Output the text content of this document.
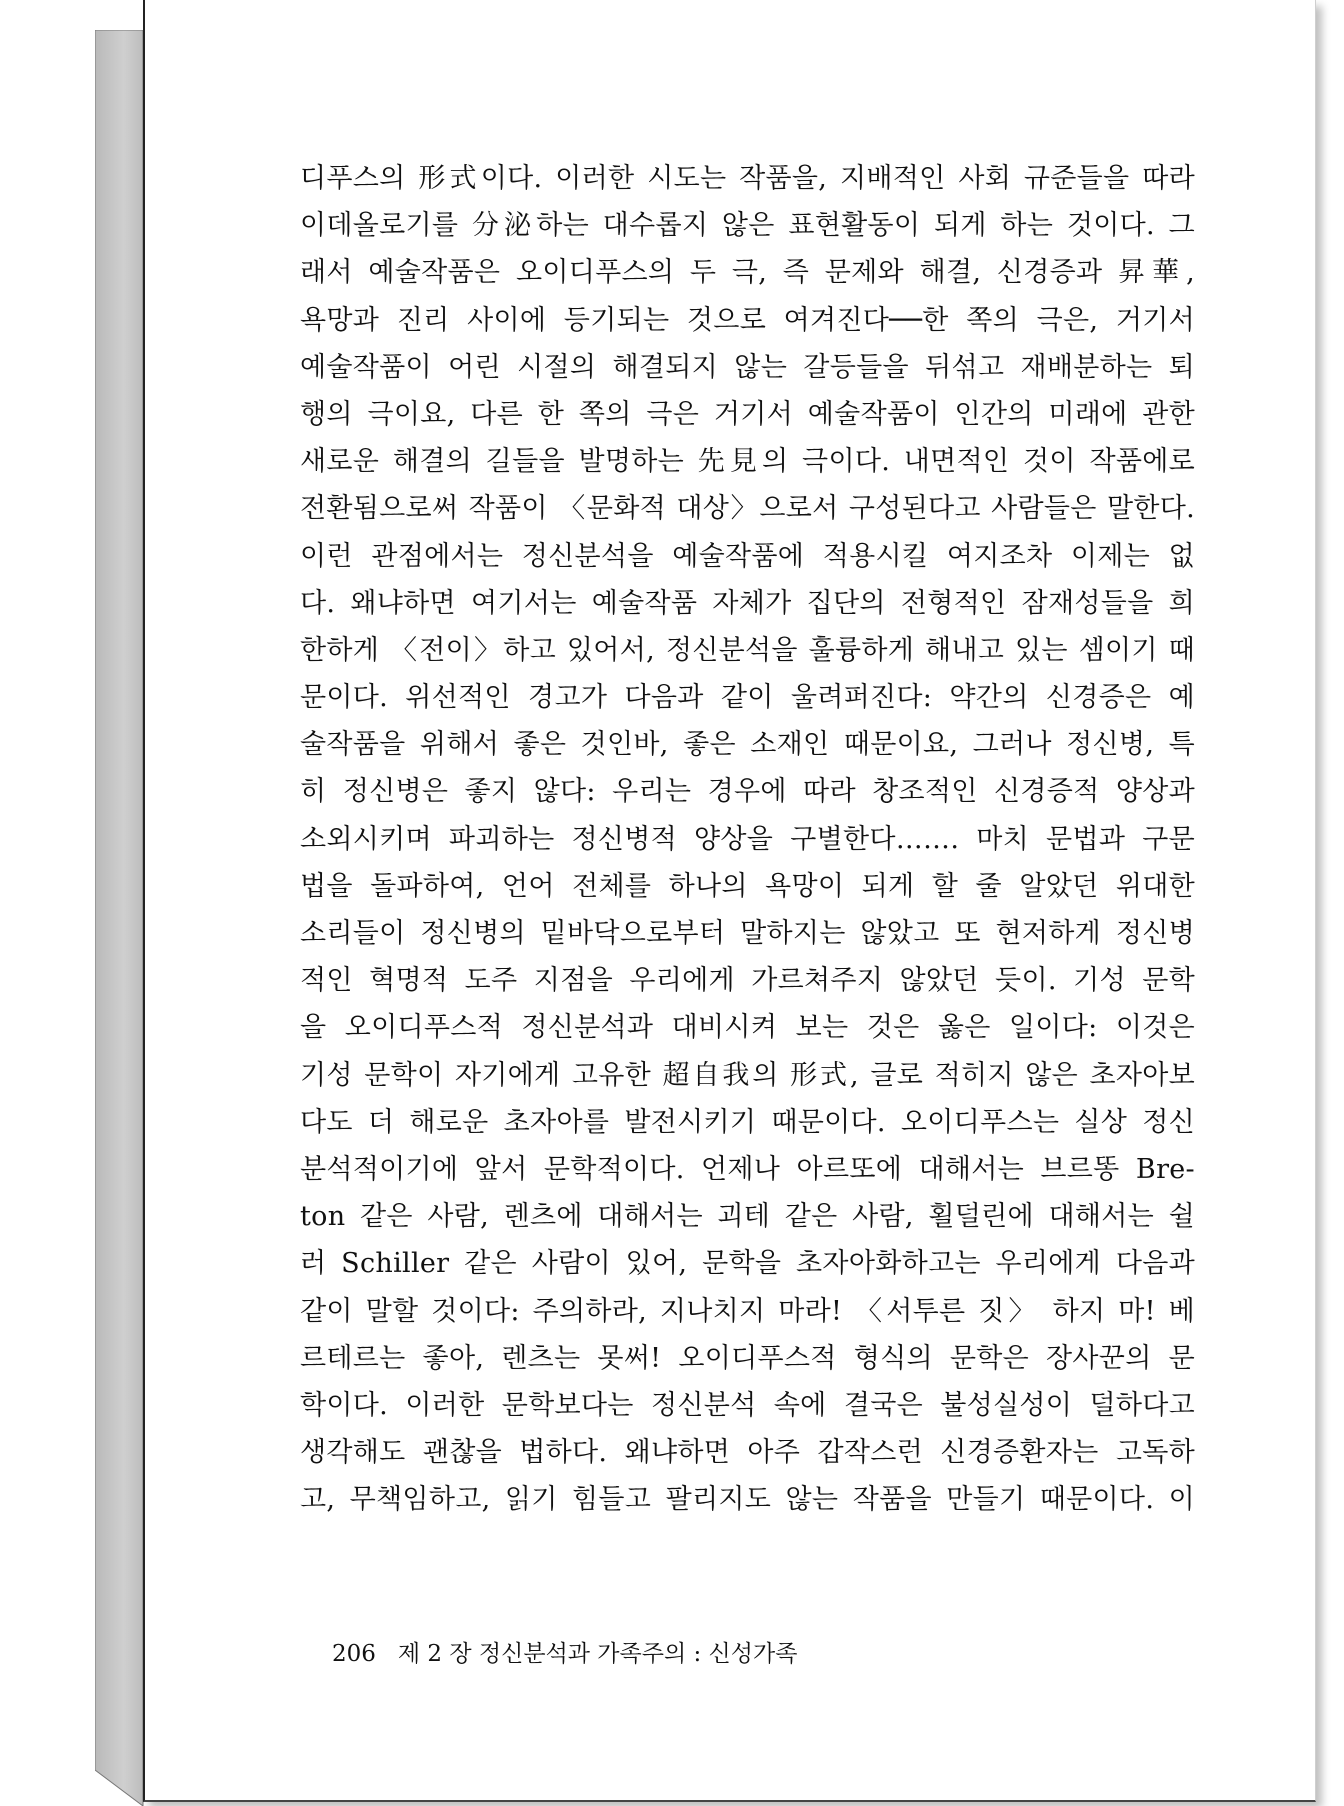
디푸스의 形式이다. 이러한 시도는 작품을, 지배적인 사회 규준들을 따라
이데올로기를 分泌하는 대수롭지 않은 표현활동이 되게 하는 것이다. 그
래서 예술작품은 오이디푸스의 두 극, 즉 문제와 해결, 신경증과 昇華,
욕망과 진리 사이에 등기되는 것으로 여겨진다──한 쪽의 극은, 거기서
예술작품이 어린 시절의 해결되지 않는 갈등들을 뒤섞고 재배분하는 퇴
행의 극이요, 다른 한 쪽의 극은 거기서 예술작품이 인간의 미래에 관한
새로운 해결의 길들을 발명하는 先見의 극이다. 내면적인 것이 작품에로
전환됨으로써 작품이 〈문화적 대상〉으로서 구성된다고 사람들은 말한다.
이런 관점에서는 정신분석을 예술작품에 적용시킬 여지조차 이제는 없
다. 왜냐하면 여기서는 예술작품 자체가 집단의 전형적인 잠재성들을 희
한하게 〈전이〉하고 있어서, 정신분석을 훌륭하게 해내고 있는 셈이기 때
문이다. 위선적인 경고가 다음과 같이 울려퍼진다: 약간의 신경증은 예
술작품을 위해서 좋은 것인바, 좋은 소재인 때문이요, 그러나 정신병, 특
히 정신병은 좋지 않다: 우리는 경우에 따라 창조적인 신경증적 양상과
소외시키며 파괴하는 정신병적 양상을 구별한다……. 마치 문법과 구문
법을 돌파하여, 언어 전체를 하나의 욕망이 되게 할 줄 알았던 위대한
소리들이 정신병의 밑바닥으로부터 말하지는 않았고 또 현저하게 정신병
적인 혁명적 도주 지점을 우리에게 가르쳐주지 않았던 듯이. 기성 문학
을 오이디푸스적 정신분석과 대비시켜 보는 것은 옳은 일이다: 이것은
기성 문학이 자기에게 고유한 超自我의 形式, 글로 적히지 않은 초자아보
다도 더 해로운 초자아를 발전시키기 때문이다. 오이디푸스는 실상 정신
분석적이기에 앞서 문학적이다. 언제나 아르또에 대해서는 브르똥 Bre-
ton 같은 사람, 렌츠에 대해서는 괴테 같은 사람, 횔덜린에 대해서는 쉴
러 Schiller 같은 사람이 있어, 문학을 초자아화하고는 우리에게 다음과
같이 말할 것이다: 주의하라, 지나치지 마라! 〈서투른 짓〉 하지 마! 베
르테르는 좋아, 렌츠는 못써! 오이디푸스적 형식의 문학은 장사꾼의 문
학이다. 이러한 문학보다는 정신분석 속에 결국은 불성실성이 덜하다고
생각해도 괜찮을 법하다. 왜냐하면 아주 갑작스런 신경증환자는 고독하
고, 무책임하고, 읽기 힘들고 팔리지도 않는 작품을 만들기 때문이다. 이
206 제 2 장 정신분석과 가족주의 : 신성가족
